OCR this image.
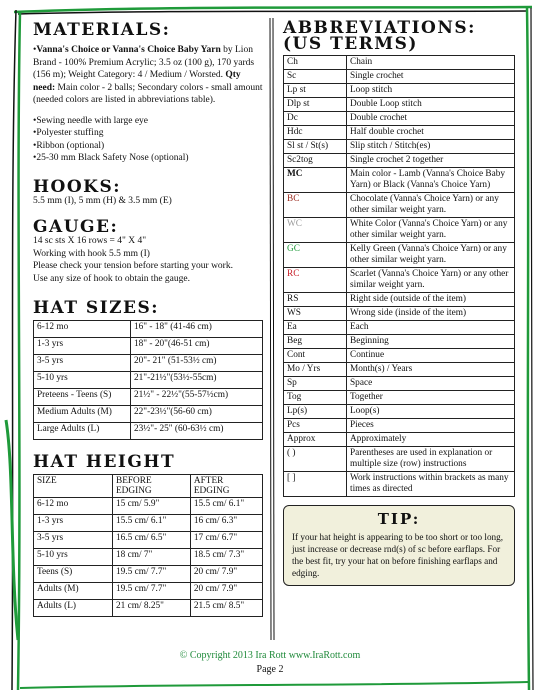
MATERIALS:

•Vanna's Choice or Vanna's Choice Baby Yarn by Lion Brand - 100% Premium Acrylic; 3.5 oz (100 g), 170 yards (156 m); Weight Category: 4 / Medium / Worsted. Qty need: Main color - 2 balls; Secondary colors - small amount (needed colors are listed in abbreviations table).

• Sewing needle with large eye
• Polyester stuffing
• Ribbon (optional)
• 25-30 mm Black Safety Nose (optional)
HOOKS:

5.5 mm (I), 5 mm (H) & 3.5 mm (E)

GAUGE:

14 sc sts X 16 rows = 4" X 4"

Working with hook 5.5 mm (I)

Please check your tension before starting your work.

Use any size of hook to obtain the gauge.

HAT SIZES:
6-12 mo	16" - 18" (41-46 cm)
1-3 yrs	18" - 20"(46-51 cm)
3-5 yrs	20"- 21" (51-53½ cm)
5-10 yrs	21"-21½"(53½-55cm)
Preteens - Teens (S)	21½" - 22½"(55-57½cm)
Medium Adults (M)	22"-23½"(56-60 cm)
Large Adults (L)	23½"- 25" (60-63½ cm)
HAT HEIGHT
SIZE	BEFORE EDGING	AFTER EDGING
6-12 mo	15 cm/ 5.9"	15.5 cm/ 6.1"
1-3 yrs	15.5 cm/ 6.1"	16 cm/ 6.3"
3-5 yrs	16.5 cm/ 6.5"	17 cm/ 6.7"
5-10 yrs	18 cm/ 7"	18.5 cm/ 7.3"
Teens (S)	19.5 cm/ 7.7"	20 cm/ 7.9"
Adults (M)	19.5 cm/ 7.7"	20 cm/ 7.9"
Adults (L)	21 cm/ 8.25"	21.5 cm/ 8.5"
ABBREVIATIONS:
(US TERMS)
Ch	Chain
Sc	Single crochet
Lp st	Loop stitch
Dlp st	Double Loop stitch
Dc	Double crochet
Hdc	Half double crochet
Sl st / St(s)	Slip stitch / Stitch(es)
Sc2tog	Single crochet 2 together
MC	Main color - Lamb (Vanna's Choice Baby Yarn) or Black (Vanna's Choice Yarn)
BC	Chocolate (Vanna's Choice Yarn) or any other similar weight yarn.
WC	White Color (Vanna's Choice Yarn) or any other similar weight yarn.
GC	Kelly Green (Vanna's Choice Yarn) or any other similar weight yarn.
RC	Scarlet (Vanna's Choice Yarn) or any other similar weight yarn.
RS	Right side (outside of the item)
WS	Wrong side (inside of the item)
Ea	Each
Beg	Beginning
Cont	Continue
Mo / Yrs	Month(s) / Years
Sp	Space
Tog	Together
Lp(s)	Loop(s)
Pcs	Pieces
Approx	Approximately
( )	Parentheses are used in explanation or multiple size (row) instructions
[ ]	Work instructions within brackets as many times as directed
TIP:

If your hat height is appearing to be too short or too long, just increase or decrease rnd(s) of sc before earflaps. For the best fit, try your hat on before finishing earflaps and edging.

© Copyright 2013 Ira Rott www.IraRott.com
Page 2
